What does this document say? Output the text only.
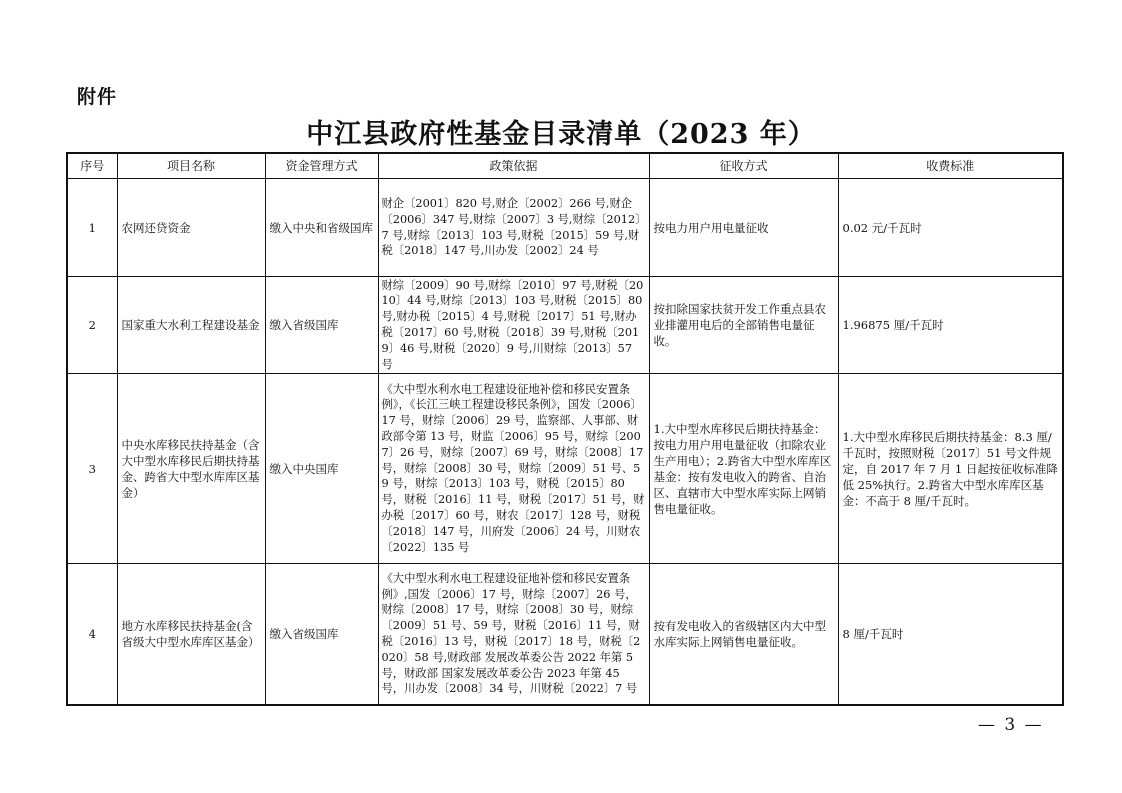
附件
中江县政府性基金目录清单（2023 年）
序号	项目名称	资金管理方式	政策依据	征收方式	收费标准
1	农网还贷资金	缴入中央和省级国库	财企〔2001〕820 号,财企〔2002〕266 号,财企〔2006〕347 号,财综〔2007〕3 号,财综〔2012〕7 号,财综〔2013〕103 号,财税〔2015〕59 号,财税〔2018〕147 号,川办发〔2002〕24 号	按电力用户用电量征收	0.02 元/千瓦时
2	国家重大水利工程建设基金	缴入省级国库	财综〔2009〕90 号,财综〔2010〕97 号,财税〔2010〕44 号,财综〔2013〕103 号,财税〔2015〕80 号,财办税〔2015〕4 号,财税〔2017〕51 号,财办税〔2017〕60 号,财税〔2018〕39 号,财税〔2019〕46 号,财税〔2020〕9 号,川财综〔2013〕57 号	按扣除国家扶贫开发工作重点县农业排灌用电后的全部销售电量征收。	1.96875 厘/千瓦时
3	中央水库移民扶持基金（含大中型水库移民后期扶持基金、跨省大中型水库库区基金）	缴入中央国库	《大中型水利水电工程建设征地补偿和移民安置条例》，《长江三峡工程建设移民条例》，国发〔2006〕17 号，财综〔2006〕29 号，监察部、人事部、财政部令第 13 号，财监〔2006〕95 号，财综〔2007〕26 号，财综〔2007〕69 号，财综〔2008〕17 号，财综〔2008〕30 号，财综〔2009〕51 号、59 号，财综〔2013〕103 号，财税〔2015〕80 号，财税〔2016〕11 号，财税〔2017〕51 号，财办税〔2017〕60 号，财农〔2017〕128 号，财税〔2018〕147 号，川府发〔2006〕24 号，川财农〔2022〕135 号	1.大中型水库移民后期扶持基金：按电力用户用电量征收（扣除农业生产用电）；2.跨省大中型水库库区基金：按有发电收入的跨省、自治区、直辖市大中型水库实际上网销售电量征收。	1.大中型水库移民后期扶持基金：8.3 厘/千瓦时，按照财税〔2017〕51 号文件规定，自 2017 年 7 月 1 日起按征收标准降低 25%执行。2.跨省大中型水库库区基金：不高于 8 厘/千瓦时。
4	地方水库移民扶持基金(含省级大中型水库库区基金）	缴入省级国库	《大中型水利水电工程建设征地补偿和移民安置条例》,国发〔2006〕17 号，财综〔2007〕26 号，财综〔2008〕17 号，财综〔2008〕30 号，财综〔2009〕51 号、59 号，财税〔2016〕11 号，财税〔2016〕13 号，财税〔2017〕18 号，财税〔2020〕58 号,财政部 发展改革委公告 2022 年第 5 号，财政部 国家发展改革委公告 2023 年第 45 号，川办发〔2008〕34 号，川财税〔2022〕7 号	按有发电收入的省级辖区内大中型水库实际上网销售电量征收。	8 厘/千瓦时
— 3 —
